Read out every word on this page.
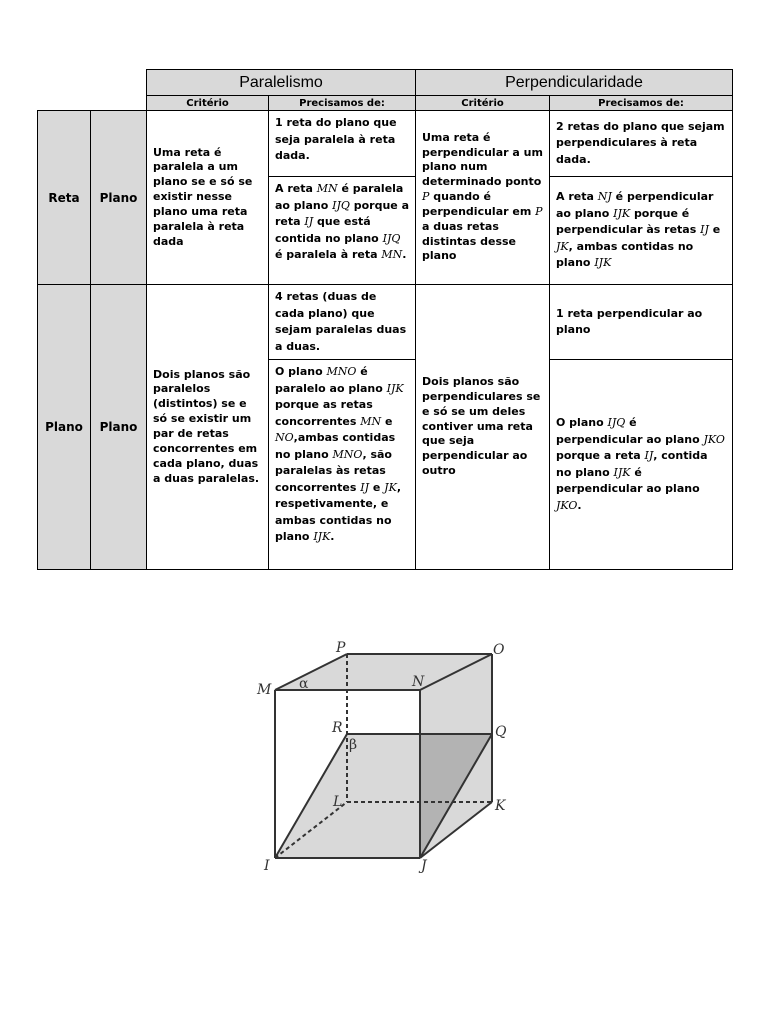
		Paralelismo		Perpendicularidade	
		Critério	Precisamos de:	Critério	Precisamos de:
Reta	Plano	Uma reta é paralela a um plano se e só se existir nesse plano uma reta paralela à reta dada	1 reta do plano que seja paralela à reta dada.	Uma reta é perpendicular a um plano num determinado ponto P quando é perpendicular em P a duas retas distintas desse plano	2 retas do plano que sejam perpendiculares à reta dada.
			A reta MN é paralela ao plano IJQ porque a reta IJ que está contida no plano IJQ é paralela à reta MN.		A reta NJ é perpendicular ao plano IJK porque é perpendicular às retas IJ e JK, ambas contidas no plano IJK
Plano	Plano	Dois planos são paralelos (distintos) se e só se existir um par de retas concorrentes em cada plano, duas a duas paralelas.	4 retas (duas de cada plano) que sejam paralelas duas a duas.	Dois planos são perpendiculares se e só se um deles contiver uma reta que seja perpendicular ao outro	1 reta perpendicular ao plano
			O plano MNO é paralelo ao plano IJK porque as retas concorrentes MN e NO,ambas contidas no plano MNO, são paralelas às retas concorrentes IJ e JK, respetivamente, e ambas contidas no plano IJK.		O plano IJQ é perpendicular ao plano JKO porque a reta IJ, contida no plano IJK é perpendicular ao plano JKO.
P	O
M	N
R	Q
L	K
I	J
α
β
